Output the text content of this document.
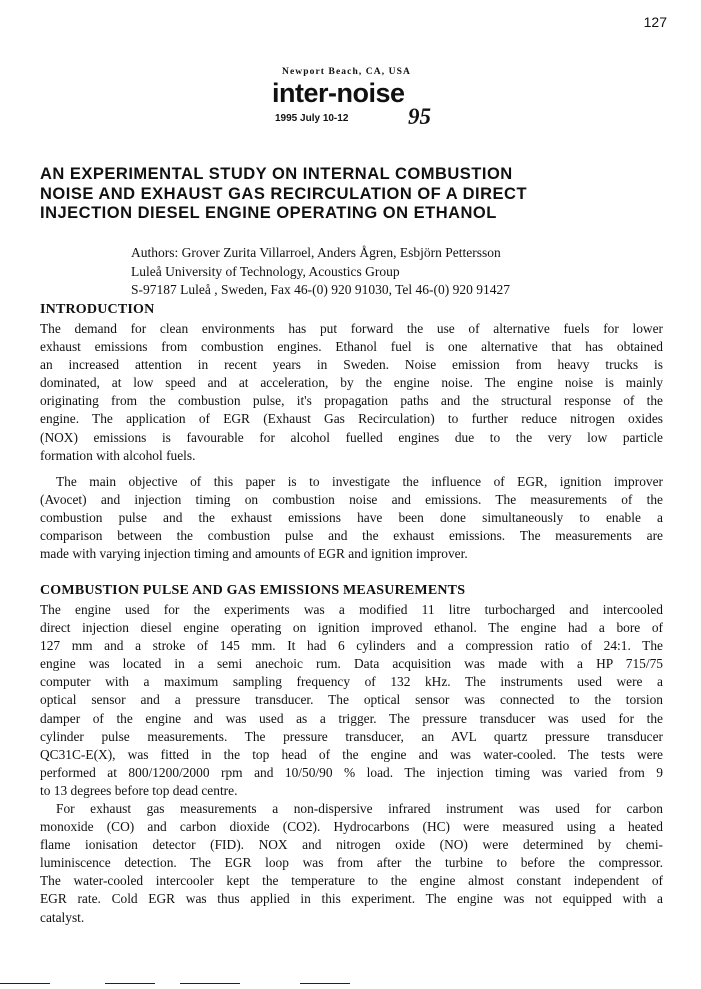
127
Newport Beach, CA, USA
inter-noise
1995 July 10-12	95
AN EXPERIMENTAL STUDY ON INTERNAL COMBUSTION
NOISE AND EXHAUST GAS RECIRCULATION OF A DIRECT
INJECTION DIESEL ENGINE OPERATING ON ETHANOL
Authors: Grover Zurita Villarroel, Anders Ågren, Esbjörn Pettersson
Luleå University of Technology, Acoustics Group
S-97187 Luleå , Sweden, Fax 46-(0) 920 91030, Tel 46-(0) 920 91427
INTRODUCTION
The demand for clean environments has put forward the use of alternative fuels for lower
exhaust emissions from combustion engines. Ethanol fuel is one alternative that has obtained
an increased attention in recent years in Sweden. Noise emission from heavy trucks is
dominated, at low speed and at acceleration, by the engine noise. The engine noise is mainly
originating from the combustion pulse, it's propagation paths and the structural response of the
engine. The application of EGR (Exhaust Gas Recirculation) to further reduce nitrogen oxides
(NOX) emissions is favourable for alcohol fuelled engines due to the very low particle
formation with alcohol fuels.
The main objective of this paper is to investigate the influence of EGR, ignition improver
(Avocet) and injection timing on combustion noise and emissions. The measurements of the
combustion pulse and the exhaust emissions have been done simultaneously to enable a
comparison between the combustion pulse and the exhaust emissions. The measurements are
made with varying injection timing and amounts of EGR and ignition improver.
COMBUSTION PULSE AND GAS EMISSIONS MEASUREMENTS
The engine used for the experiments was a modified 11 litre turbocharged and intercooled
direct injection diesel engine operating on ignition improved ethanol. The engine had a bore of
127 mm and a stroke of 145 mm. It had 6 cylinders and a compression ratio of 24:1. The
engine was located in a semi anechoic rum. Data acquisition was made with a HP 715/75
computer with a maximum sampling frequency of 132 kHz. The instruments used were a
optical sensor and a pressure transducer. The optical sensor was connected to the torsion
damper of the engine and was used as a trigger. The pressure transducer was used for the
cylinder pulse measurements. The pressure transducer, an AVL quartz pressure transducer
QC31C-E(X), was fitted in the top head of the engine and was water-cooled. The tests were
performed at 800/1200/2000 rpm and 10/50/90 % load. The injection timing was varied from 9
to 13 degrees before top dead centre.
For exhaust gas measurements a non-dispersive infrared instrument was used for carbon
monoxide (CO) and carbon dioxide (CO2). Hydrocarbons (HC) were measured using a heated
flame ionisation detector (FID). NOX and nitrogen oxide (NO) were determined by chemi-
luminiscence detection. The EGR loop was from after the turbine to before the compressor.
The water-cooled intercooler kept the temperature to the engine almost constant independent of
EGR rate. Cold EGR was thus applied in this experiment. The engine was not equipped with a
catalyst.
